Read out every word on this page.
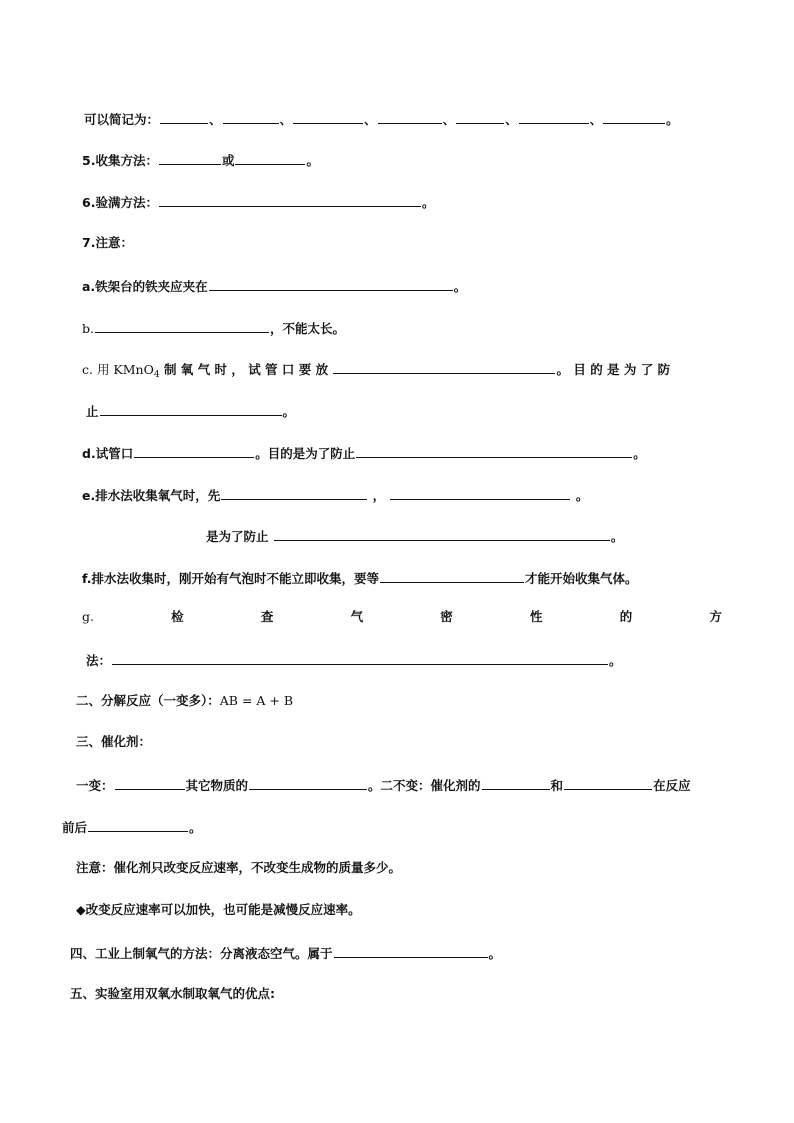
可以简记为：	、	、	、	、	、	、	。
5.收集方法：	或	。
6.验满方法：	。
7.注意：
a.铁架台的铁夹应夹在	。
b.	，不能太长。
c. 用 KMnO$_4$ 制 氧 气 时 ， 试 管 口 要 放	。 目 的 是 为 了 防
止	。
d.试管口	。目的是为了防止	。
e.排水法收集氧气时，先	，	。
是为了防止	。
f.排水法收集时，刚开始有气泡时不能立即收集，要等	才能开始收集气体。
g.	检	查	气	密	性	的	方
法：	。
二、分解反应（一变多）：AB = A + B
三、催化剂：
一变：	其它物质的	。二不变：催化剂的	和	在反应
前后	。
注意：催化剂只改变反应速率，不改变生成物的质量多少。
◆改变反应速率可以加快，也可能是减慢反应速率。
四、工业上制氧气的方法：分离液态空气。属于	。
五、实验室用双氧水制取氧气的优点:
